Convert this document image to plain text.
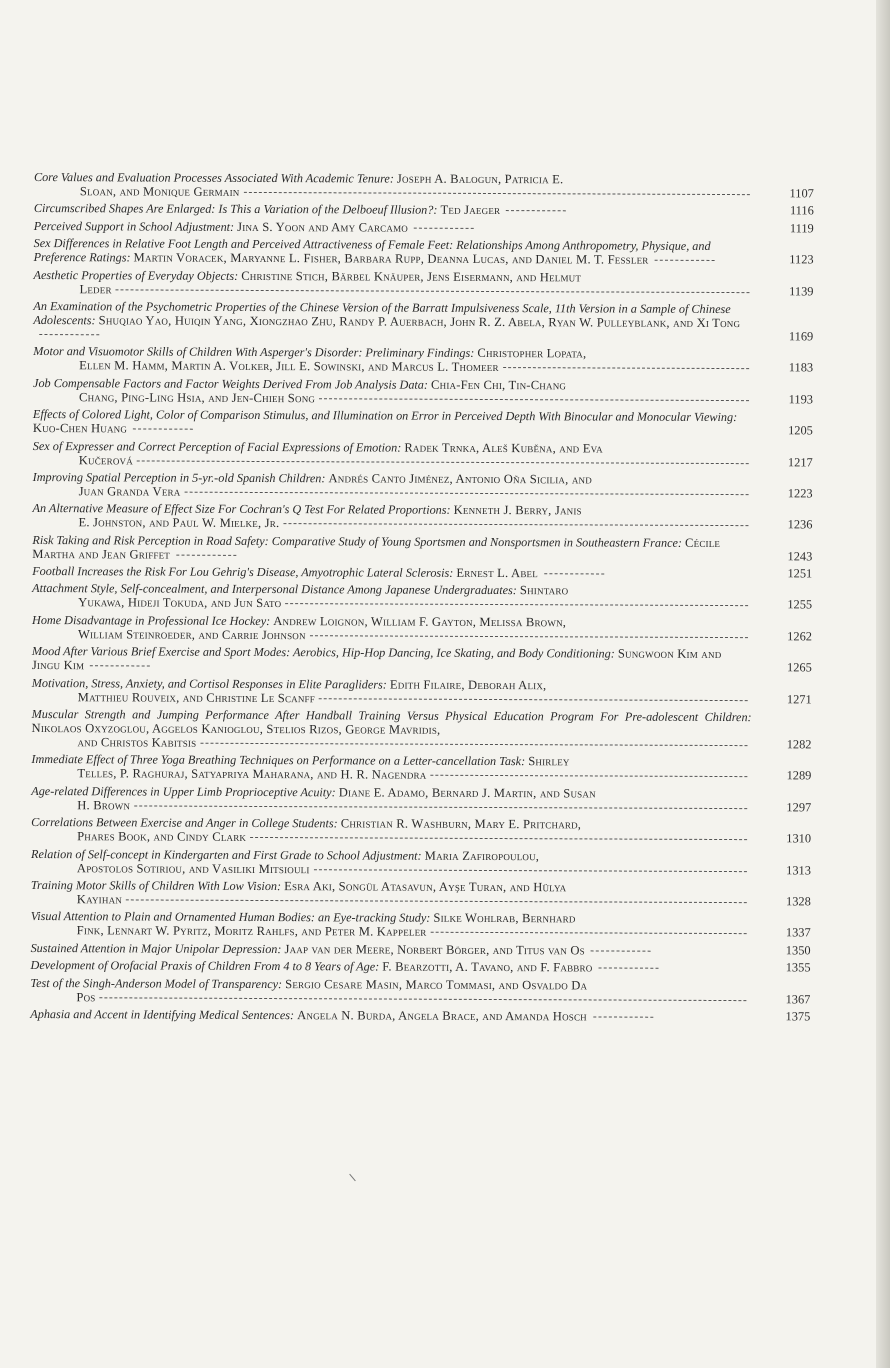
Core Values and Evaluation Processes Associated With Academic Tenure: Joseph A. Balogun, Patricia E.
Sloan, and Monique Germain	1107
Circumscribed Shapes Are Enlarged: Is This a Variation of the Delboeuf Illusion?: Ted Jaeger	1116
Perceived Support in School Adjustment: Jina S. Yoon and Amy Carcamo	1119
Sex Differences in Relative Foot Length and Perceived Attractiveness of Female Feet: Relationships Among Anthropometry, Physique, and Preference Ratings: Martin Voracek, Maryanne L. Fisher, Barbara Rupp, Deanna Lucas, and Daniel M. T. Fessler	1123
Aesthetic Properties of Everyday Objects: Christine Stich, Bärbel Knäuper, Jens Eisermann, and Helmut
Leder	1139
An Examination of the Psychometric Properties of the Chinese Version of the Barratt Impulsiveness Scale, 11th Version in a Sample of Chinese Adolescents: Shuqiao Yao, Huiqin Yang, Xiongzhao Zhu, Randy P. Auerbach, John R. Z. Abela, Ryan W. Pulleyblank, and Xi Tong
1169
Motor and Visuomotor Skills of Children With Asperger's Disorder: Preliminary Findings: Christopher Lopata,
Ellen M. Hamm, Martin A. Volker, Jill E. Sowinski, and Marcus L. Thomeer	1183
Job Compensable Factors and Factor Weights Derived From Job Analysis Data: Chia-Fen Chi, Tin-Chang
Chang, Ping-Ling Hsia, and Jen-Chieh Song	1193
Effects of Colored Light, Color of Comparison Stimulus, and Illumination on Error in Perceived Depth With Binocular and Monocular Viewing: Kuo-Chen Huang	1205
Sex of Expresser and Correct Perception of Facial Expressions of Emotion: Radek Trnka, Aleš Kuběna, and Eva
Kučerová	1217
Improving Spatial Perception in 5-yr.-old Spanish Children: Andrés Canto Jiménez, Antonio Oña Sicilia, and
Juan Granda Vera	1223
An Alternative Measure of Effect Size For Cochran's Q Test For Related Proportions: Kenneth J. Berry, Janis
E. Johnston, and Paul W. Mielke, Jr.	1236
Risk Taking and Risk Perception in Road Safety: Comparative Study of Young Sportsmen and Nonsportsmen in Southeastern France: Cécile Martha and Jean Griffet	1243
Football Increases the Risk For Lou Gehrig's Disease, Amyotrophic Lateral Sclerosis: Ernest L. Abel	1251
Attachment Style, Self-concealment, and Interpersonal Distance Among Japanese Undergraduates: Shintaro
Yukawa, Hideji Tokuda, and Jun Sato	1255
Home Disadvantage in Professional Ice Hockey: Andrew Loignon, William F. Gayton, Melissa Brown,
William Steinroeder, and Carrie Johnson	1262
Mood After Various Brief Exercise and Sport Modes: Aerobics, Hip-Hop Dancing, Ice Skating, and Body Conditioning: Sungwoon Kim and Jingu Kim	1265
Motivation, Stress, Anxiety, and Cortisol Responses in Elite Paragliders: Edith Filaire, Deborah Alix,
Matthieu Rouveix, and Christine Le Scanff	1271
Muscular Strength and Jumping Performance After Handball Training Versus Physical Education Program For Pre-adolescent Children: Nikolaos Oxyzoglou, Aggelos Kanioglou, Stelios Rizos, George Mavridis,
and Christos Kabitsis	1282
Immediate Effect of Three Yoga Breathing Techniques on Performance on a Letter-cancellation Task: Shirley
Telles, P. Raghuraj, Satyapriya Maharana, and H. R. Nagendra	1289
Age-related Differences in Upper Limb Proprioceptive Acuity: Diane E. Adamo, Bernard J. Martin, and Susan
H. Brown	1297
Correlations Between Exercise and Anger in College Students: Christian R. Washburn, Mary E. Pritchard,
Phares Book, and Cindy Clark	1310
Relation of Self-concept in Kindergarten and First Grade to School Adjustment: Maria Zafiropoulou,
Apostolos Sotiriou, and Vasiliki Mitsiouli	1313
Training Motor Skills of Children With Low Vision: Esra Aki, Songül Atasavun, Ayşe Turan, and Hülya
Kayihan	1328
Visual Attention to Plain and Ornamented Human Bodies: an Eye-tracking Study: Silke Wohlrab, Bernhard
Fink, Lennart W. Pyritz, Moritz Rahlfs, and Peter M. Kappeler	1337
Sustained Attention in Major Unipolar Depression: Jaap van der Meere, Norbert Börger, and Titus van Os	1350
Development of Orofacial Praxis of Children From 4 to 8 Years of Age: F. Bearzotti, A. Tavano, and F. Fabbro	1355
Test of the Singh-Anderson Model of Transparency: Sergio Cesare Masin, Marco Tommasi, and Osvaldo Da
Pos	1367
Aphasia and Accent in Identifying Medical Sentences: Angela N. Burda, Angela Brace, and Amanda Hosch	1375
